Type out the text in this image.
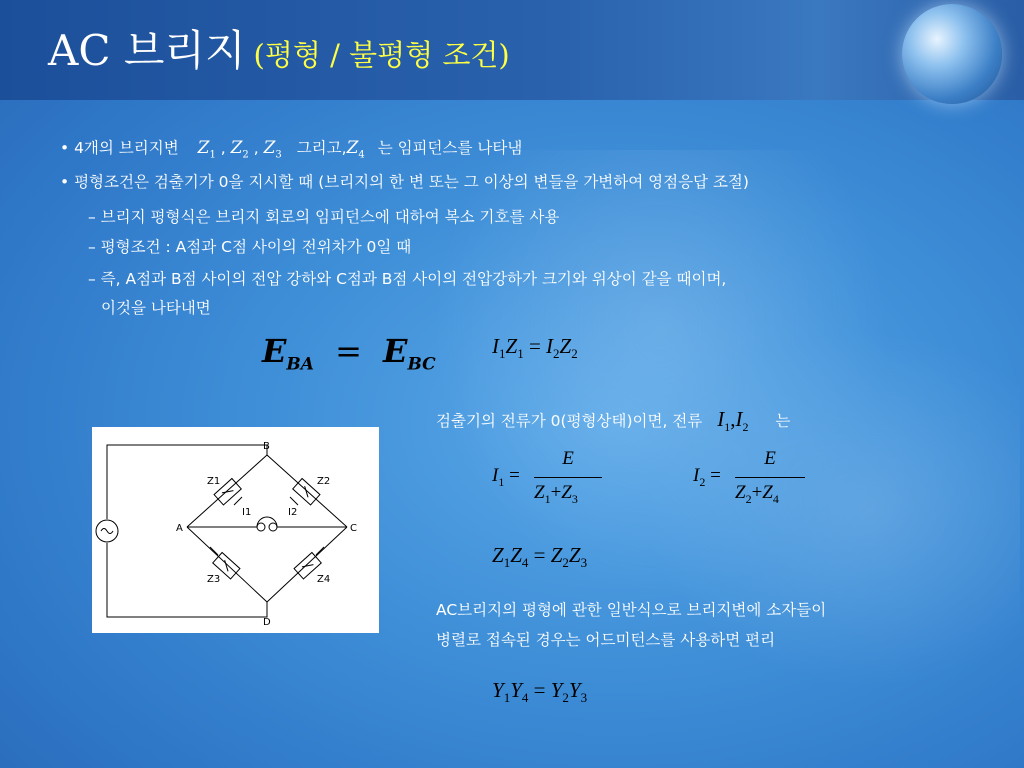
AC 브리지 (평형 / 불평형 조건)
• 4개의 브리지변 $Z_1$ , $Z_2$ , $Z_3$ 그리고$,Z_4$ 는 임피던스를 나타냄
• 평형조건은 검출기가 0을 지시할 때 (브리지의 한 변 또는 그 이상의 변들을 가변하여 영점응답 조절)
– 브리지 평형식은 브리지 회로의 임피던스에 대하여 복소 기호를 사용
– 평형조건 : A점과 C점 사이의 전위차가 0일 때
– 즉, A점과 B점 사이의 전압 강하와 C점과 B점 사이의 전압강하가 크기와 위상이 같을 때이며,
이것을 나타내면
$E_{BA} = E_{BC}$
$I_1Z_1 = I_2Z_2$
검출기의 전류가 0(평형상태)이면, 전류 $I_1,I_2$ 는
$I_1$ =
E
$Z_1+Z_3$
$I_2$ =
E
$Z_2+Z_4$
$Z_1Z_4 = Z_2Z_3$
AC브리지의 평형에 관한 일반식으로 브리지변에 소자들이
병렬로 접속된 경우는 어드미턴스를 사용하면 편리
$Y_1Y_4 = Y_2Y_3$
B
A	C
D
Z1	Z2
Z3	Z4
I1	I2
